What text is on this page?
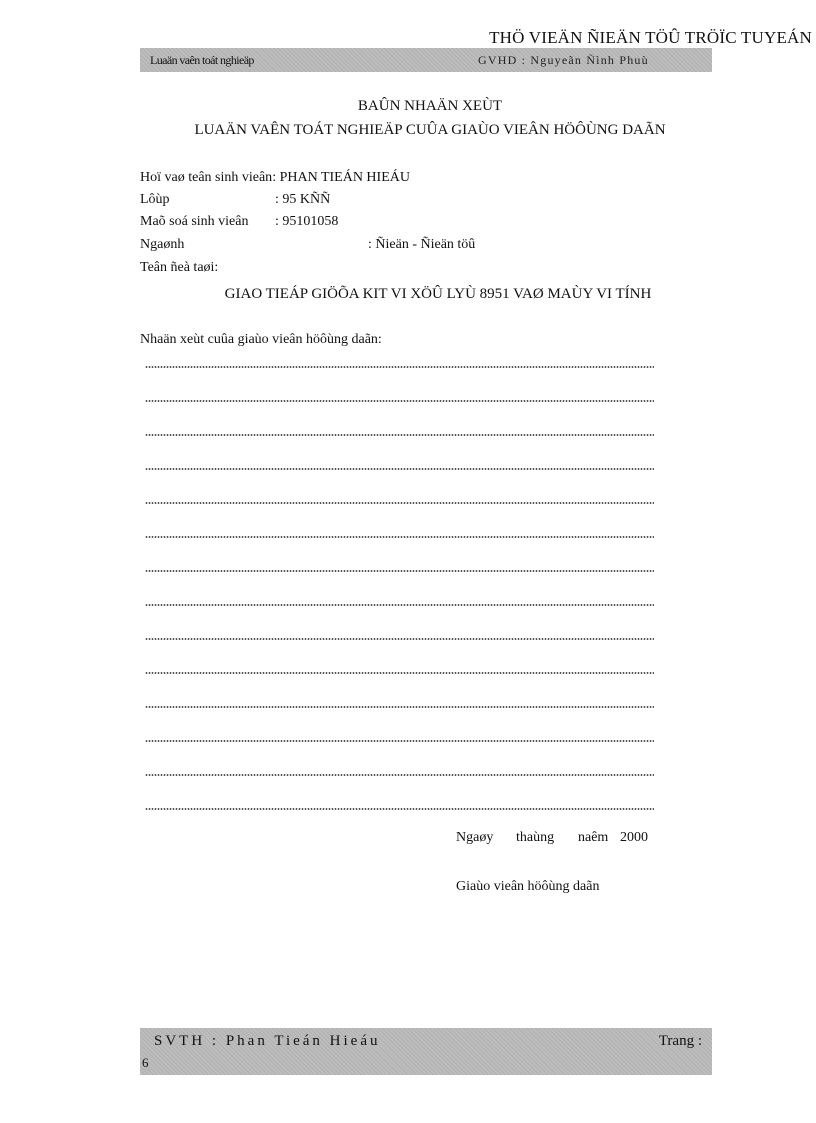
THÖ VIEÄN ÑIEÄN TÖÛ TRÖÏC TUYEÁN
Luaän vaên toát nghieäp	GVHD : Nguyeãn Ñình Phuù
BAÛN NHAÄN XEÙT
LUAÄN VAÊN TOÁT NGHIEÄP CUÛA GIAÙO VIEÂN HÖÔÙNG DAÃN
Hoï vaø teân sinh vieân: PHAN TIEÁN HIEÁU
Lôùp	: 95 KÑÑ
Maõ soá sinh vieân : 95101058
Ngaønh	: Ñieän - Ñieän töû
Teân ñeà taøi:
GIAO TIEÁP GIÖÕA KIT VI XÖÛ LYÙ 8951 VAØ MAÙY VI TÍNH
Nhaän xeùt cuûa giaùo vieân höôùng daãn:
Ngaøy thaùng naêm 2000
Giaùo vieân höôùng daãn
SVTH : Phan Tieán Hieáu	Trang :
6
